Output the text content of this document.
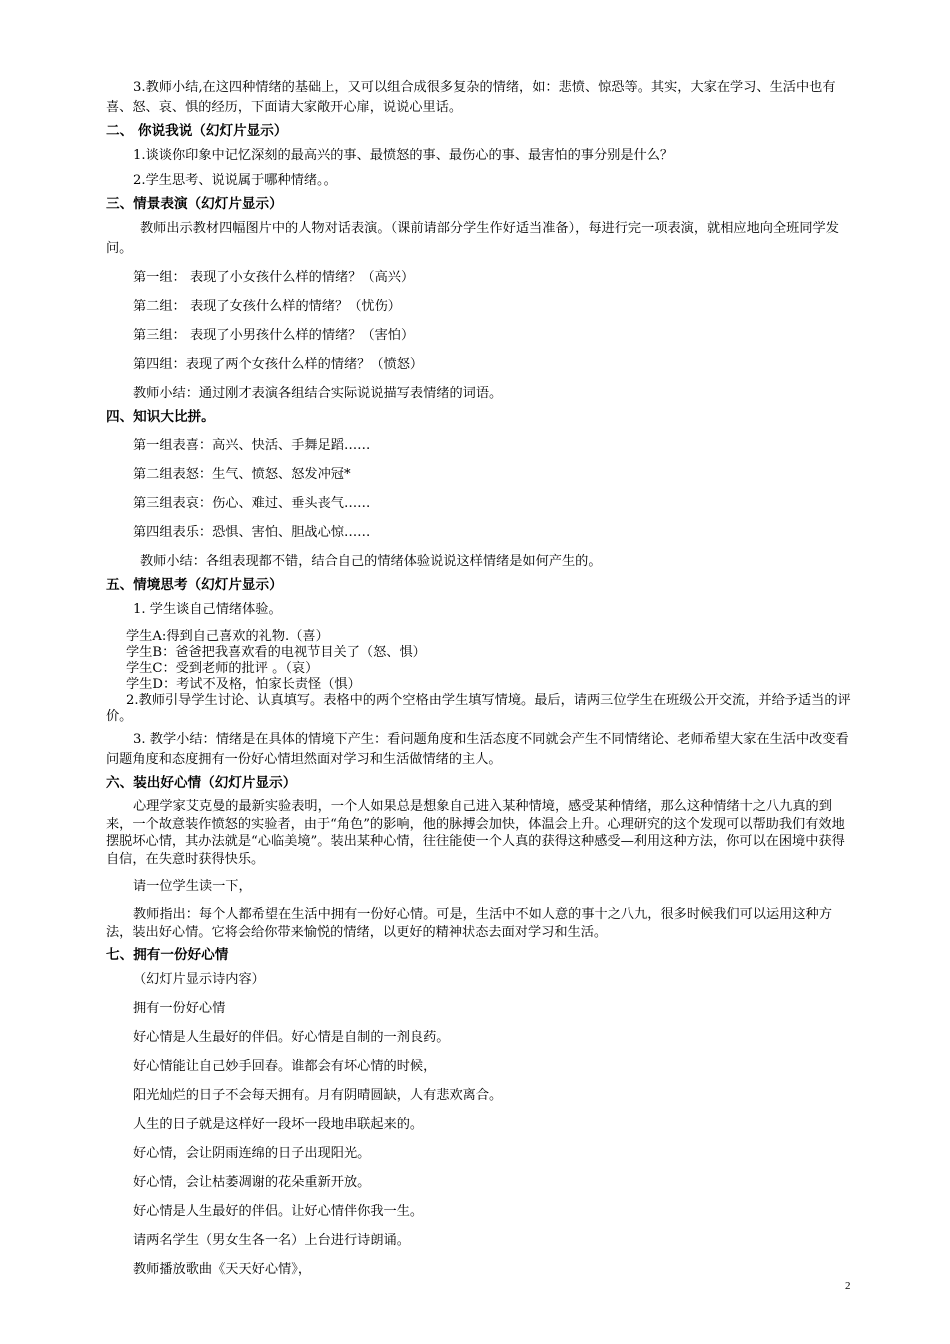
3.教师小结,在这四种情绪的基础上，又可以组合成很多复杂的情绪，如：悲愤、惊恐等。其实，大家在学习、生活中也有喜、怒、哀、惧的经历，下面请大家敞开心扉，说说心里话。

二、 你说我说（幻灯片显示）

1.谈谈你印象中记忆深刻的最高兴的事、最愤怒的事、最伤心的事、最害怕的事分别是什么？

2.学生思考、说说属于哪种情绪。。

三、情景表演（幻灯片显示）

教师出示教材四幅图片中的人物对话表演。（课前请部分学生作好适当准备），每进行完一项表演，就相应地向全班同学发问。

第一组： 表现了小女孩什么样的情绪？（高兴）

第二组： 表现了女孩什么样的情绪？（忧伤）

第三组： 表现了小男孩什么样的情绪？（害怕）

第四组：表现了两个女孩什么样的情绪？（愤怒）

教师小结：通过刚才表演各组结合实际说说描写表情绪的词语。

四、知识大比拼。

第一组表喜：高兴、快活、手舞足蹈……

第二组表怒：生气、愤怒、怒发冲冠*

第三组表哀：伤心、难过、垂头丧气……

第四组表乐：恐惧、害怕、胆战心惊……

教师小结：各组表现都不错，结合自己的情绪体验说说这样情绪是如何产生的。

五、情境思考（幻灯片显示）

1. 学生谈自己情绪体验。

学生A:得到自己喜欢的礼物.（喜）

学生B：爸爸把我喜欢看的电视节目关了（怒、惧）

学生C：受到老师的批评 。（哀）

学生D：考试不及格，怕家长责怪（惧）

2.教师引导学生讨论、认真填写。表格中的两个空格由学生填写情境。最后，请两三位学生在班级公开交流，并给予适当的评价。

3. 教学小结：情绪是在具体的情境下产生：看问题角度和生活态度不同就会产生不同情绪论、老师希望大家在生活中改变看问题角度和态度拥有一份好心情坦然面对学习和生活做情绪的主人。

六、装出好心情（幻灯片显示）

心理学家艾克曼的最新实验表明，一个人如果总是想象自己进入某种情境，感受某种情绪，那么这种情绪十之八九真的到来，一个故意装作愤怒的实验者，由于“角色”的影响，他的脉搏会加快，体温会上升。心理研究的这个发现可以帮助我们有效地摆脱坏心情，其办法就是“心临美境”。装出某种心情，往往能使一个人真的获得这种感受—利用这种方法，你可以在困境中获得自信，在失意时获得快乐。

请一位学生读一下，

教师指出：每个人都希望在生活中拥有一份好心情。可是，生活中不如人意的事十之八九，很多时候我们可以运用这种方法，装出好心情。它将会给你带来愉悦的情绪，以更好的精神状态去面对学习和生活。

七、拥有一份好心情

（幻灯片显示诗内容）

拥有一份好心情

好心情是人生最好的伴侣。好心情是自制的一剂良药。

好心情能让自己妙手回春。谁都会有坏心情的时候，

阳光灿烂的日子不会每天拥有。月有阴晴圆缺，人有悲欢离合。

人生的日子就是这样好一段坏一段地串联起来的。

好心情，会让阴雨连绵的日子出现阳光。

好心情，会让枯萎凋谢的花朵重新开放。

好心情是人生最好的伴侣。让好心情伴你我一生。

请两名学生（男女生各一名）上台进行诗朗诵。

教师播放歌曲《天天好心情》，

2
